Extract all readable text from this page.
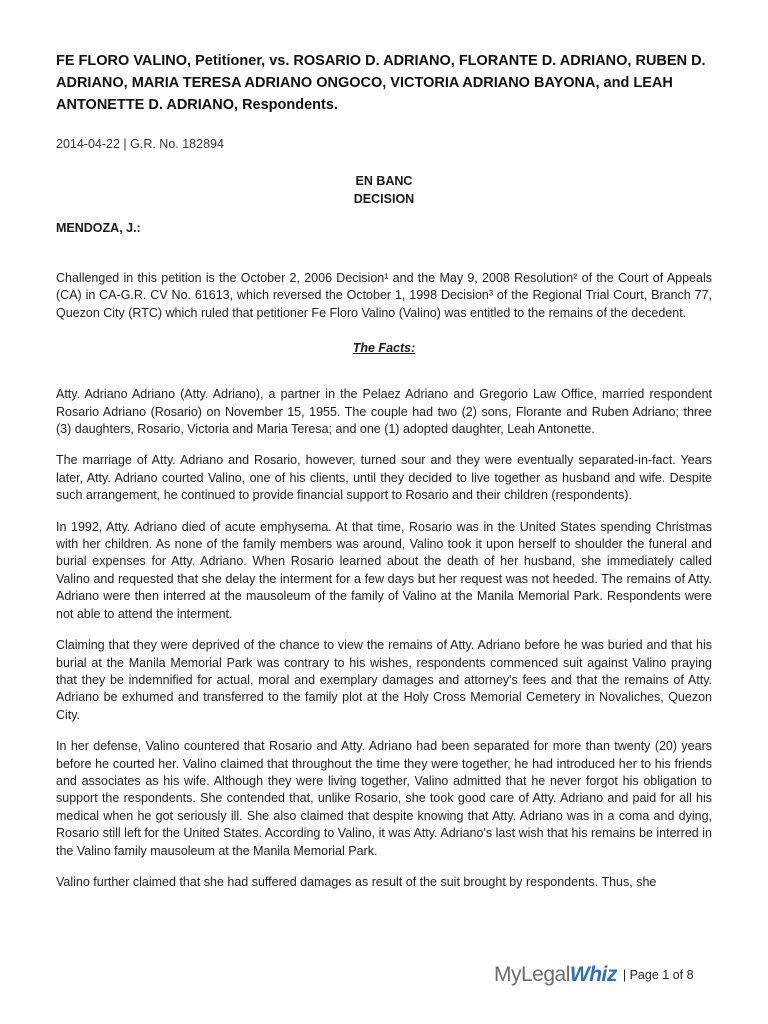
FE FLORO VALINO, Petitioner, vs. ROSARIO D. ADRIANO, FLORANTE D. ADRIANO, RUBEN D. ADRIANO, MARIA TERESA ADRIANO ONGOCO, VICTORIA ADRIANO BAYONA, and LEAH ANTONETTE D. ADRIANO, Respondents.
2014-04-22 | G.R. No. 182894
EN BANC
DECISION
MENDOZA, J.:

Challenged in this petition is the October 2, 2006 Decision¹ and the May 9, 2008 Resolution² of the Court of Appeals (CA) in CA-G.R. CV No. 61613, which reversed the October 1, 1998 Decision³ of the Regional Trial Court, Branch 77, Quezon City (RTC) which ruled that petitioner Fe Floro Valino (Valino) was entitled to the remains of the decedent.

The Facts:

Atty. Adriano Adriano (Atty. Adriano), a partner in the Pelaez Adriano and Gregorio Law Office, married respondent Rosario Adriano (Rosario) on November 15, 1955. The couple had two (2) sons, Florante and Ruben Adriano; three (3) daughters, Rosario, Victoria and Maria Teresa; and one (1) adopted daughter, Leah Antonette.

The marriage of Atty. Adriano and Rosario, however, turned sour and they were eventually separated-in-fact. Years later, Atty. Adriano courted Valino, one of his clients, until they decided to live together as husband and wife. Despite such arrangement, he continued to provide financial support to Rosario and their children (respondents).

In 1992, Atty. Adriano died of acute emphysema. At that time, Rosario was in the United States spending Christmas with her children. As none of the family members was around, Valino took it upon herself to shoulder the funeral and burial expenses for Atty. Adriano. When Rosario learned about the death of her husband, she immediately called Valino and requested that she delay the interment for a few days but her request was not heeded. The remains of Atty. Adriano were then interred at the mausoleum of the family of Valino at the Manila Memorial Park. Respondents were not able to attend the interment.

Claiming that they were deprived of the chance to view the remains of Atty. Adriano before he was buried and that his burial at the Manila Memorial Park was contrary to his wishes, respondents commenced suit against Valino praying that they be indemnified for actual, moral and exemplary damages and attorney's fees and that the remains of Atty. Adriano be exhumed and transferred to the family plot at the Holy Cross Memorial Cemetery in Novaliches, Quezon City.

In her defense, Valino countered that Rosario and Atty. Adriano had been separated for more than twenty (20) years before he courted her. Valino claimed that throughout the time they were together, he had introduced her to his friends and associates as his wife. Although they were living together, Valino admitted that he never forgot his obligation to support the respondents. She contended that, unlike Rosario, she took good care of Atty. Adriano and paid for all his medical when he got seriously ill. She also claimed that despite knowing that Atty. Adriano was in a coma and dying, Rosario still left for the United States. According to Valino, it was Atty. Adriano's last wish that his remains be interred in the Valino family mausoleum at the Manila Memorial Park.

Valino further claimed that she had suffered damages as result of the suit brought by respondents. Thus, she

MyLegal Whiz | Page 1 of 8
